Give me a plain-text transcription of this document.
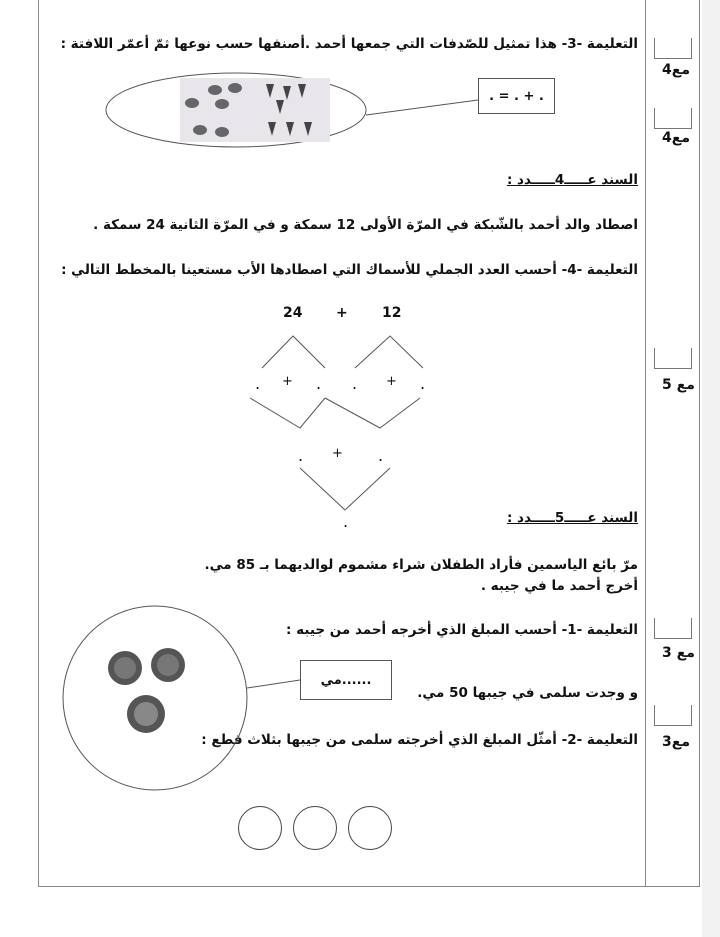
مع4
مع4
مع 5
مع 3
مع3
التعليمة -3- هذا تمثيل للصّدفات التي جمعها أحمد .أصنفها حسب نوعها ثمّ أعمّر اللافتة :
السند عـــــ4ـــــدد :
اصطاد والد أحمد بالشّبكة في المرّة الأولى 12 سمكة و في المرّة الثانية 24 سمكة .
التعليمة -4- أحسب العدد الجملي للأسماك التي اصطادها الأب مستعينا بالمخطط التالي :
السند عـــــ5ـــــدد :
مرّ بائع الياسمين فأراد الطفلان شراء مشموم لوالديهما بـ 85 مي.
أخرج أحمد ما في جيبه .
التعليمة -1- أحسب المبلغ الذي أخرجه أحمد من جيبه :
و وجدت سلمى في جيبها 50 مي.
التعليمة -2- أمثّل المبلغ الذي أخرجته سلمى من جيبها بثلاث قطع :
. = . + .
......مي
24 + 12
+	+
+
.	. .	.
.	.
.
